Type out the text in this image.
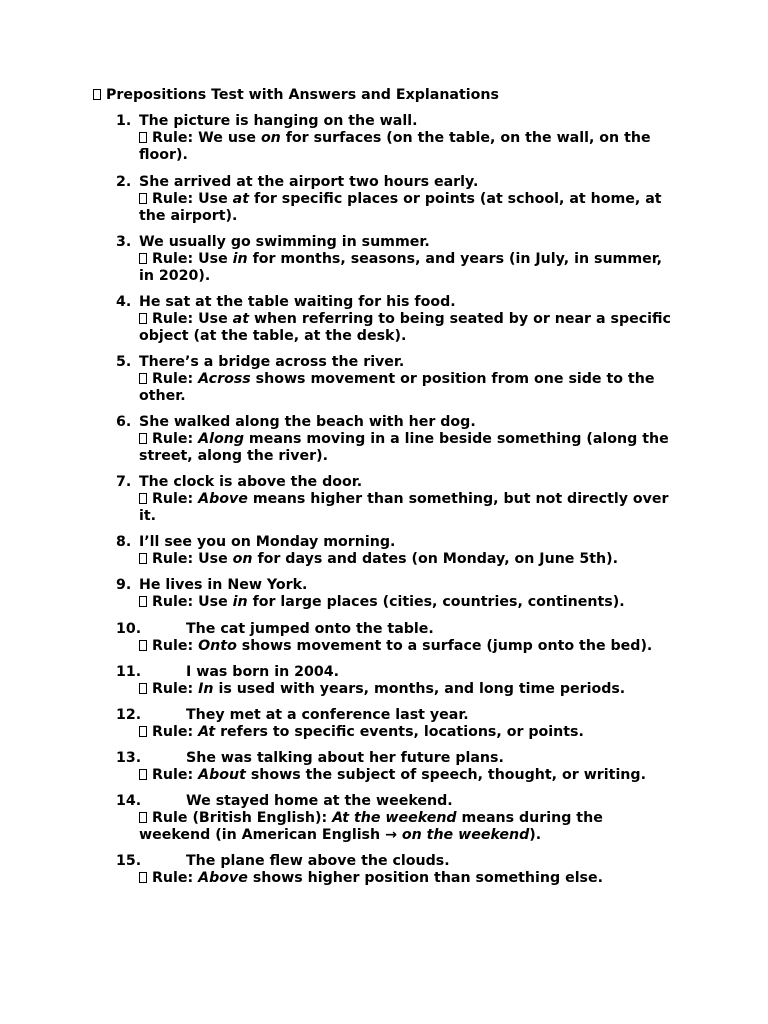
Prepositions Test with Answers and Explanations
1. The picture is hanging on the wall.
Rule: We use on for surfaces (on the table, on the wall, on the floor).
2. She arrived at the airport two hours early.
Rule: Use at for specific places or points (at school, at home, at the airport).
3. We usually go swimming in summer.
Rule: Use in for months, seasons, and years (in July, in summer, in 2020).
4. He sat at the table waiting for his food.
Rule: Use at when referring to being seated by or near a specific object (at the table, at the desk).
5. There’s a bridge across the river.
Rule: Across shows movement or position from one side to the other.
6. She walked along the beach with her dog.
Rule: Along means moving in a line beside something (along the street, along the river).
7. The clock is above the door.
Rule: Above means higher than something, but not directly over it.
8. I’ll see you on Monday morning.
Rule: Use on for days and dates (on Monday, on June 5th).
9. He lives in New York.
Rule: Use in for large places (cities, countries, continents).
10.	The cat jumped onto the table.
Rule: Onto shows movement to a surface (jump onto the bed).
11.	I was born in 2004.
Rule: In is used with years, months, and long time periods.
12.	They met at a conference last year.
Rule: At refers to specific events, locations, or points.
13.	She was talking about her future plans.
Rule: About shows the subject of speech, thought, or writing.
14.	We stayed home at the weekend.
Rule (British English): At the weekend means during the weekend (in American English → on the weekend).
15.	The plane flew above the clouds.
Rule: Above shows higher position than something else.
